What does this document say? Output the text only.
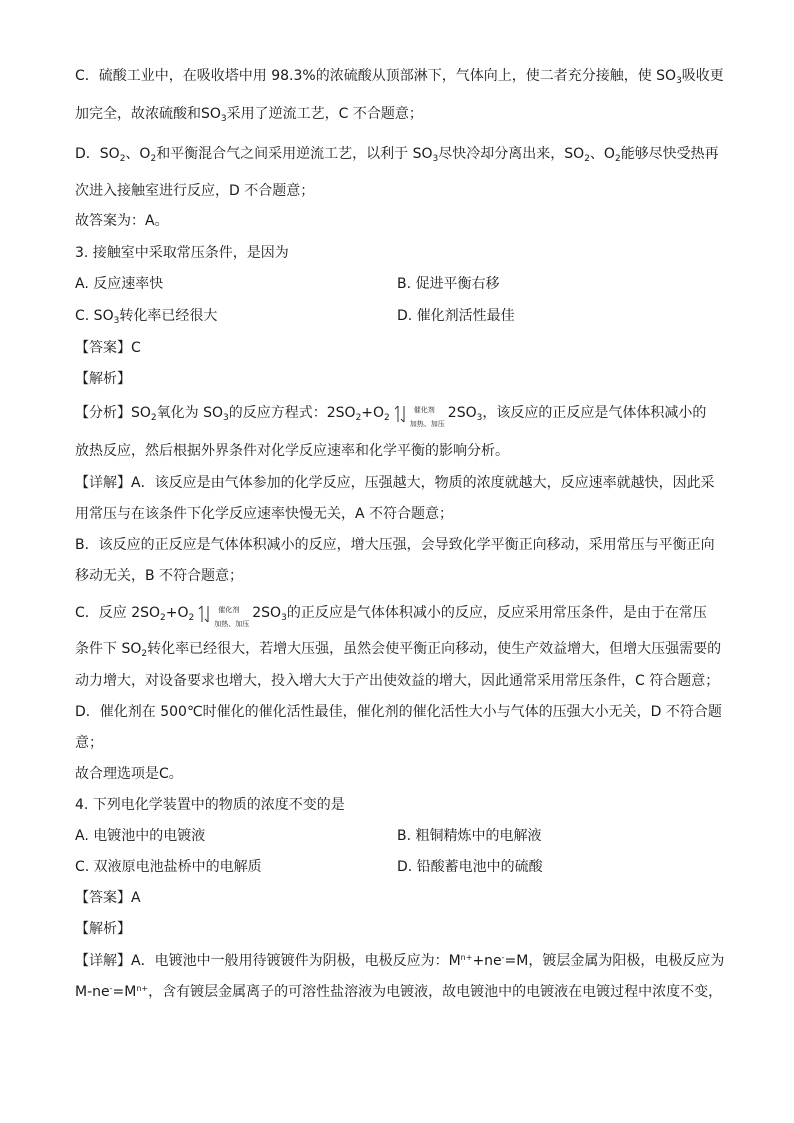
C．硫酸工业中，在吸收塔中用 98.3%的浓硫酸从顶部淋下，气体向上，使二者充分接触，使 $SO_3$吸收更
加完全，故浓硫酸和$SO_3$采用了逆流工艺，C 不合题意；
D．$SO_2$、$O_2$和平衡混合气之间采用逆流工艺，以利于 $SO_3$尽快冷却分离出来，$SO_2$、$O_2$能够尽快受热再
次进入接触室进行反应，D 不合题意；
故答案为：A。
3. 接触室中采取常压条件，是因为
A. 反应速率快	B. 促进平衡右移
C. $SO_3$转化率已经很大	D. 催化剂活性最佳
【答案】C
【解析】
【分析】$SO_2$氧化为 $SO_3$的反应方程式：$2SO_2+O_2$
催化剂
加热、加压
$2SO_3$，该反应的正反应是气体体积减小的
放热反应，然后根据外界条件对化学反应速率和化学平衡的影响分析。
【详解】A．该反应是由气体参加的化学反应，压强越大，物质的浓度就越大，反应速率就越快，因此采
用常压与在该条件下化学反应速率快慢无关，A 不符合题意；
B．该反应的正反应是气体体积减小的反应，增大压强，会导致化学平衡正向移动，采用常压与平衡正向
移动无关，B 不符合题意；
C．反应 $2SO_2+O_2$
催化剂
加热、加压
$2SO_3$的正反应是气体体积减小的反应，反应采用常压条件，是由于在常压
条件下 $SO_2$转化率已经很大，若增大压强，虽然会使平衡正向移动，使生产效益增大，但增大压强需要的
动力增大，对设备要求也增大，投入增大大于产出使效益的增大，因此通常采用常压条件，C 符合题意；
D．催化剂在 500℃时催化的催化活性最佳，催化剂的催化活性大小与气体的压强大小无关，D 不符合题
意；
故合理选项是C。
4. 下列电化学装置中的物质的浓度不变的是
A. 电镀池中的电镀液	B. 粗铜精炼中的电解液
C. 双液原电池盐桥中的电解质	D. 铅酸蓄电池中的硫酸
【答案】A
【解析】
【详解】A．电镀池中一般用待镀镀件为阴极，电极反应为：$M^{n+}+ne^-=M$，镀层金属为阳极，电极反应为
$M-ne^-=M^{n+}$，含有镀层金属离子的可溶性盐溶液为电镀液，故电镀池中的电镀液在电镀过程中浓度不变，
